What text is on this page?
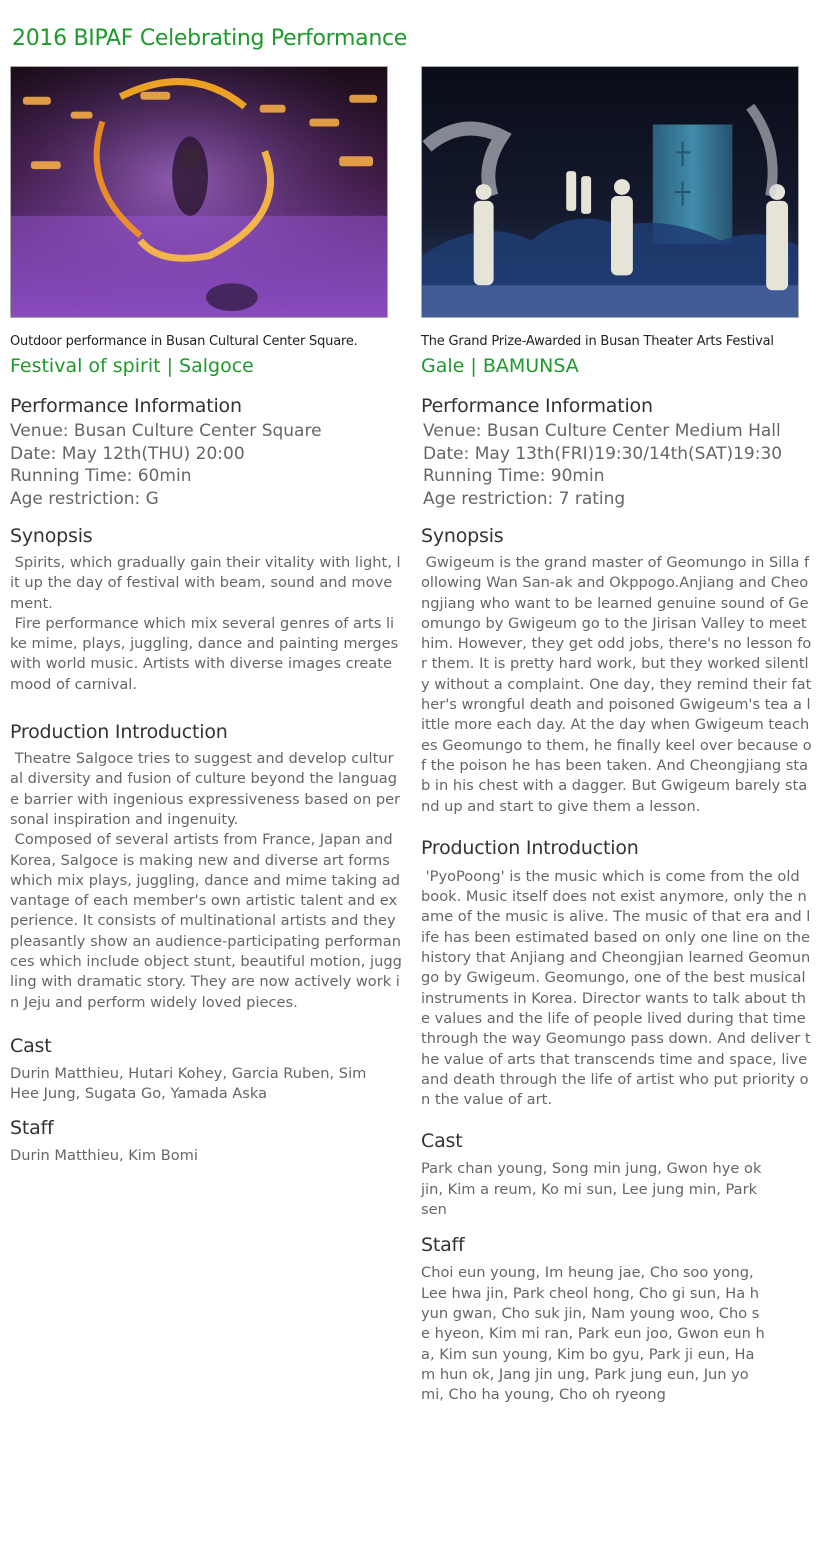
2016 BIPAF Celebrating Performance
Outdoor performance in Busan Cultural Center Square.
Festival of spirit | Salgoce
Performance Information
Venue: Busan Culture Center Square
Date: May 12th(THU) 20:00
Running Time: 60min
Age restriction: G
Synopsis

Spirits, which gradually gain their vitality with light, lit up the day of festival with beam, sound and movement.

Fire performance which mix several genres of arts like mime, plays, juggling, dance and painting merges with world music. Artists with diverse images create mood of carnival.

Production Introduction

Theatre Salgoce tries to suggest and develop cultural diversity and fusion of culture beyond the language barrier with ingenious expressiveness based on personal inspiration and ingenuity.

Composed of several artists from France, Japan and Korea, Salgoce is making new and diverse art forms which mix plays, juggling, dance and mime taking advantage of each member's own artistic talent and experience. It consists of multinational artists and they pleasantly show an audience-participating performances which include object stunt, beautiful motion, juggling with dramatic story. They are now actively work in Jeju and perform widely loved pieces.

Cast
Durin Matthieu, Hutari Kohey, Garcia Ruben, Sim Hee Jung, Sugata Go, Yamada Aska
Staff
Durin Matthieu, Kim Bomi
The Grand Prize-Awarded in Busan Theater Arts Festival
Gale | BAMUNSA
Performance Information
Venue: Busan Culture Center Medium Hall
Date: May 13th(FRI)19:30/14th(SAT)19:30
Running Time: 90min
Age restriction: 7 rating
Synopsis

Gwigeum is the grand master of Geomungo in Silla following Wan San-ak and Okppogo.Anjiang and Cheongjiang who want to be learned genuine sound of Geomungo by Gwigeum go to the Jirisan Valley to meet him. However, they get odd jobs, there's no lesson for them. It is pretty hard work, but they worked silently without a complaint. One day, they remind their father's wrongful death and poisoned Gwigeum's tea a little more each day. At the day when Gwigeum teaches Geomungo to them, he finally keel over because of the poison he has been taken. And Cheongjiang stab in his chest with a dagger. But Gwigeum barely stand up and start to give them a lesson.

Production Introduction

'PyoPoong' is the music which is come from the old book. Music itself does not exist anymore, only the name of the music is alive. The music of that era and life has been estimated based on only one line on the history that Anjiang and Cheongjian learned Geomungo by Gwigeum. Geomungo, one of the best musical instruments in Korea. Director wants to talk about the values and the life of people lived during that time through the way Geomungo pass down. And deliver the value of arts that transcends time and space, live and death through the life of artist who put priority on the value of art.

Cast
Park chan young, Song min jung, Gwon hye ok jin, Kim a reum, Ko mi sun, Lee jung min, Park sen
Staff
Choi eun young, Im heung jae, Cho soo yong, Lee hwa jin, Park cheol hong, Cho gi sun, Ha hyun gwan, Cho suk jin, Nam young woo, Cho se hyeon, Kim mi ran, Park eun joo, Gwon eun ha, Kim sun young, Kim bo gyu, Park ji eun, Ham hun ok, Jang jin ung, Park jung eun, Jun yo mi, Cho ha young, Cho oh ryeong
